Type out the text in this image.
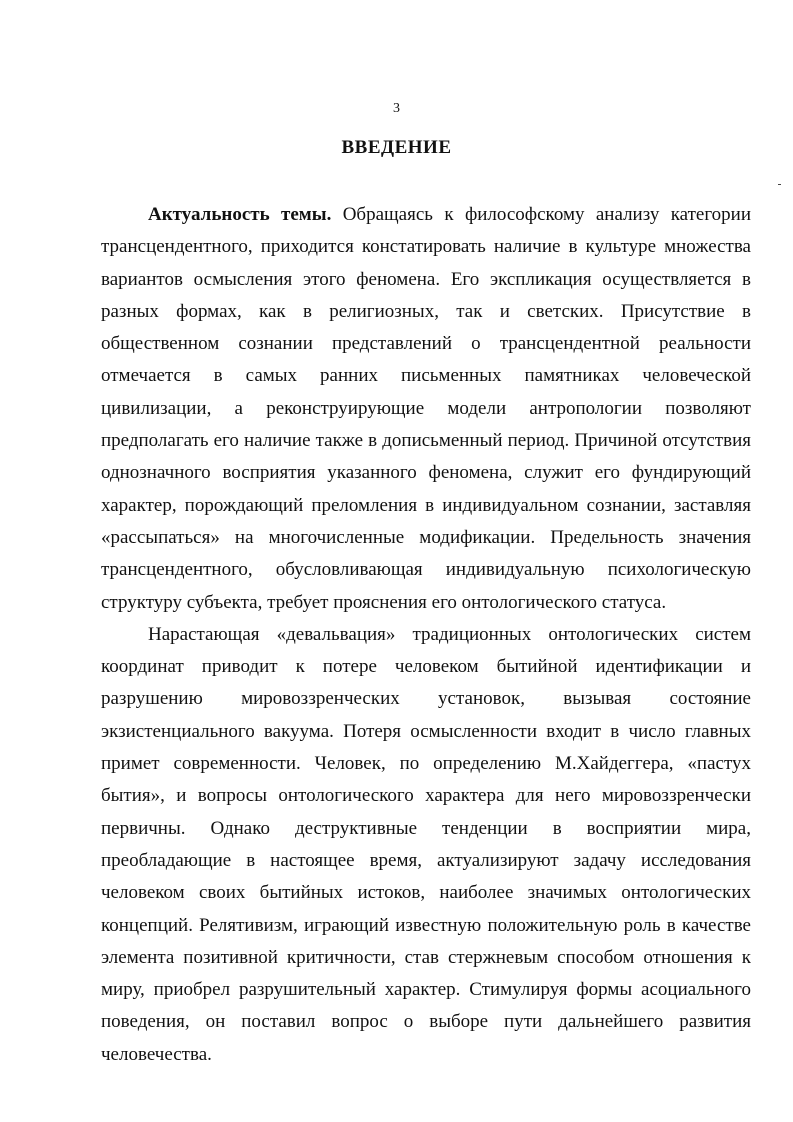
3
ВВЕДЕНИЕ

Актуальность темы. Обращаясь к философскому анализу категории трансцендентного, приходится констатировать наличие в культуре множества вариантов осмысления этого феномена. Его экспликация осуществляется в разных формах, как в религиозных, так и светских. Присутствие в общественном сознании представлений о трансцендентной реальности отмечается в самых ранних письменных памятниках человеческой цивилизации, а реконструирующие модели антропологии позволяют предполагать его наличие также в дописьменный период. Причиной отсутствия однозначного восприятия указанного феномена, служит его фундирующий характер, порождающий преломления в индивидуальном сознании, заставляя «рассыпаться» на многочисленные модификации. Предельность значения трансцендентного, обусловливающая индивидуальную психологическую структуру субъекта, требует прояснения его онтологического статуса.

Нарастающая «девальвация» традиционных онтологических систем координат приводит к потере человеком бытийной идентификации и разрушению мировоззренческих установок, вызывая состояние экзистенциального вакуума. Потеря осмысленности входит в число главных примет современности. Человек, по определению М.Хайдеггера, «пастух бытия», и вопросы онтологического характера для него мировоззренчески первичны. Однако деструктивные тенденции в восприятии мира, преобладающие в настоящее время, актуализируют задачу исследования человеком своих бытийных истоков, наиболее значимых онтологических концепций. Релятивизм, играющий известную положительную роль в качестве элемента позитивной критичности, став стержневым способом отношения к миру, приобрел разрушительный характер. Стимулируя формы асоциального поведения, он поставил вопрос о выборе пути дальнейшего развития человечества.
